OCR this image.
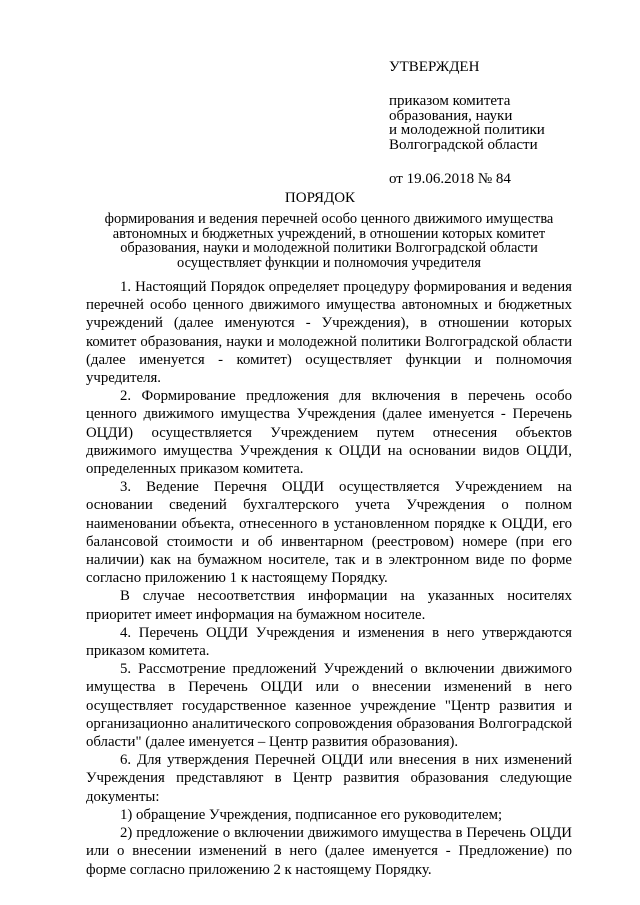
УТВЕРЖДЕН
приказом комитета
образования, науки
и молодежной политики
Волгоградской области
от 19.06.2018 № 84
ПОРЯДОК
формирования и ведения перечней особо ценного движимого имущества
автономных и бюджетных учреждений, в отношении которых комитет
образования, науки и молодежной политики Волгоградской области
осуществляет функции и полномочия учредителя

1. Настоящий Порядок определяет процедуру формирования и ведения перечней особо ценного движимого имущества автономных и бюджетных учреждений (далее именуются - Учреждения), в отношении которых комитет образования, науки и молодежной политики Волгоградской области (далее именуется - комитет) осуществляет функции и полномочия учредителя.

2. Формирование предложения для включения в перечень особо ценного движимого имущества Учреждения (далее именуется - Перечень ОЦДИ) осуществляется Учреждением путем отнесения объектов движимого имущества Учреждения к ОЦДИ на основании видов ОЦДИ, определенных приказом комитета.

3. Ведение Перечня ОЦДИ осуществляется Учреждением на основании сведений бухгалтерского учета Учреждения о полном наименовании объекта, отнесенного в установленном порядке к ОЦДИ, его балансовой стоимости и об инвентарном (реестровом) номере (при его наличии) как на бумажном носителе, так и в электронном виде по форме согласно приложению 1 к настоящему Порядку.

В случае несоответствия информации на указанных носителях приоритет имеет информация на бумажном носителе.

4. Перечень ОЦДИ Учреждения и изменения в него утверждаются приказом комитета.

5. Рассмотрение предложений Учреждений о включении движимого имущества в Перечень ОЦДИ или о внесении изменений в него осуществляет государственное казенное учреждение "Центр развития и организационно аналитического сопровождения образования Волгоградской области" (далее именуется – Центр развития образования).

6. Для утверждения Перечней ОЦДИ или внесения в них изменений Учреждения представляют в Центр развития образования следующие документы:

1) обращение Учреждения, подписанное его руководителем;

2) предложение о включении движимого имущества в Перечень ОЦДИ или о внесении изменений в него (далее именуется - Предложение) по форме согласно приложению 2 к настоящему Порядку.
